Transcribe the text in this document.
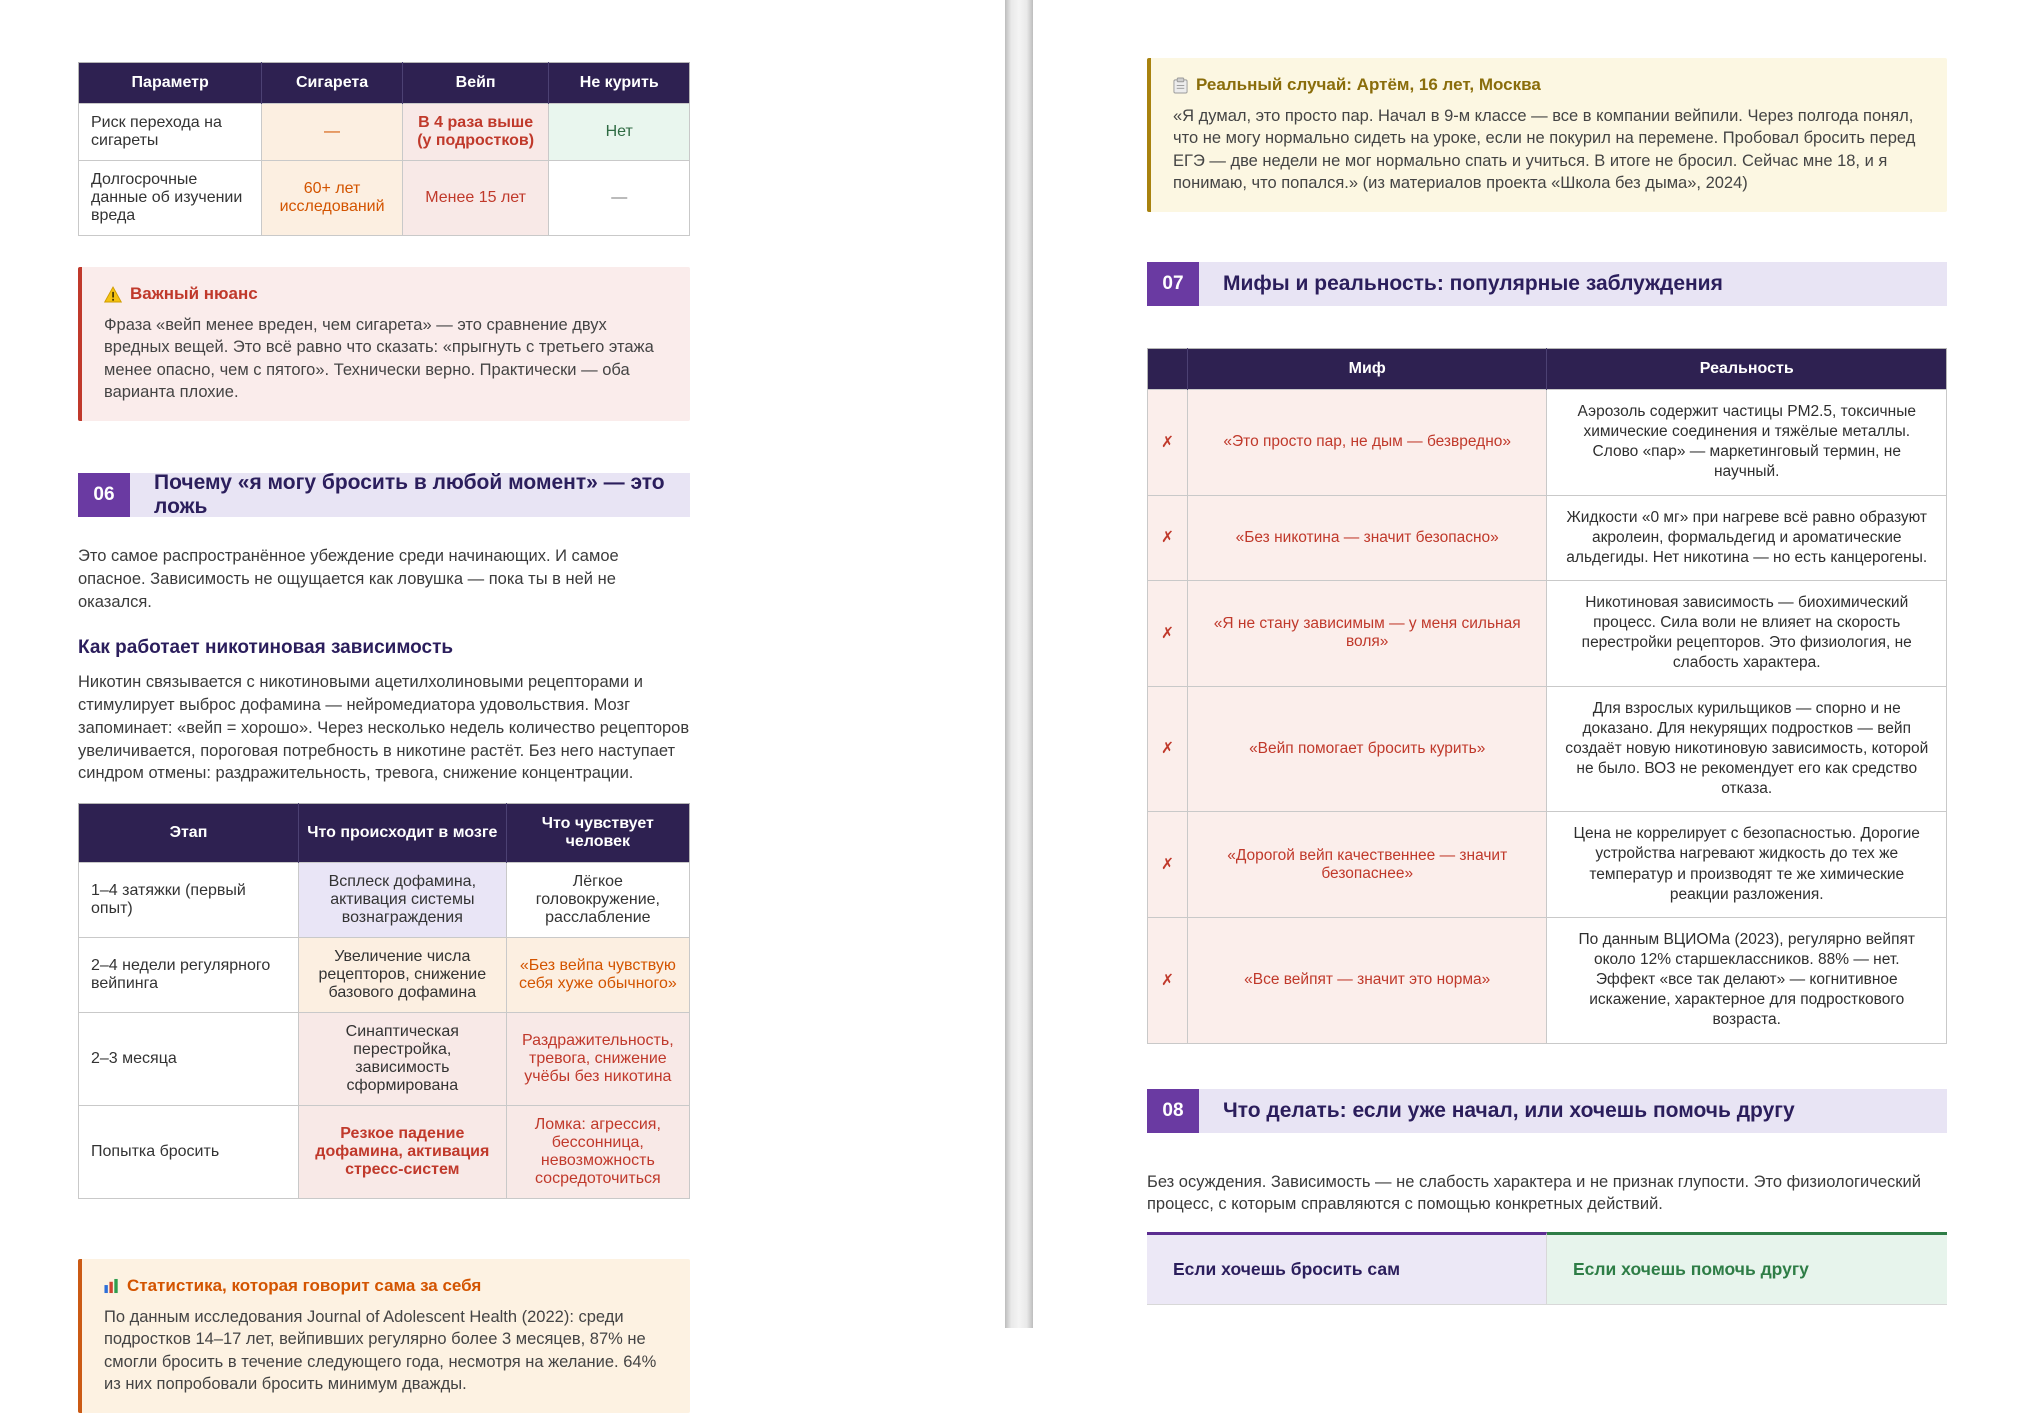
Параметр	Сигарета	Вейп	Не курить
Риск перехода на сигареты	—	В 4 раза выше (у подростков)	Нет
Долгосрочные данные об изучении вреда	60+ лет исследований	Менее 15 лет	—

Важный нюанс

Фраза «вейп менее вреден, чем сигарета» — это сравнение двух вредных вещей. Это всё равно что сказать: «прыгнуть с третьего этажа менее опасно, чем с пятого». Технически верно. Практически — оба варианта плохие.

06
Почему «я могу бросить в любой момент» — это ложь

Это самое распространённое убеждение среди начинающих. И самое опасное. Зависимость не ощущается как ловушка — пока ты в ней не оказался.

Как работает никотиновая зависимость

Никотин связывается с никотиновыми ацетилхолиновыми рецепторами и стимулирует выброс дофамина — нейромедиатора удовольствия. Мозг запоминает: «вейп = хорошо». Через несколько недель количество рецепторов увеличивается, пороговая потребность в никотине растёт. Без него наступает синдром отмены: раздражительность, тревога, снижение концентрации.

Этап	Что происходит в мозге	Что чувствует человек
1–4 затяжки (первый опыт)	Всплеск дофамина, активация системы вознаграждения	Лёгкое головокружение, расслабление
2–4 недели регулярного вейпинга	Увеличение числа рецепторов, снижение базового дофамина	«Без вейпа чувствую себя хуже обычного»
2–3 месяца	Синаптическая перестройка, зависимость сформирована	Раздражительность, тревога, снижение учёбы без никотина
Попытка бросить	Резкое падение дофамина, активация стресс-систем	Ломка: агрессия, бессонница, невозможность сосредоточиться

Статистика, которая говорит сама за себя

По данным исследования Journal of Adolescent Health (2022): среди подростков 14–17 лет, вейпивших регулярно более 3 месяцев, 87% не смогли бросить в течение следующего года, несмотря на желание. 64% из них попробовали бросить минимум дважды.

Реальный случай: Артём, 16 лет, Москва

«Я думал, это просто пар. Начал в 9-м классе — все в компании вейпили. Через полгода понял, что не могу нормально сидеть на уроке, если не покурил на перемене. Пробовал бросить перед ЕГЭ — две недели не мог нормально спать и учиться. В итоге не бросил. Сейчас мне 18, и я понимаю, что попался.» (из материалов проекта «Школа без дыма», 2024)

07	Мифы и реальность: популярные заблуждения
	Миф	Реальность
✗	«Это просто пар, не дым — безвредно»	Аэрозоль содержит частицы PM2.5, токсичные химические соединения и тяжёлые металлы. Слово «пар» — маркетинговый термин, не научный.
✗	«Без никотина — значит безопасно»	Жидкости «0 мг» при нагреве всё равно образуют акролеин, формальдегид и ароматические альдегиды. Нет никотина — но есть канцерогены.
✗	«Я не стану зависимым — у меня сильная воля»	Никотиновая зависимость — биохимический процесс. Сила воли не влияет на скорость перестройки рецепторов. Это физиология, не слабость характера.
✗	«Вейп помогает бросить курить»	Для взрослых курильщиков — спорно и не доказано. Для некурящих подростков — вейп создаёт новую никотиновую зависимость, которой не было. ВОЗ не рекомендует его как средство отказа.
✗	«Дорогой вейп качественнее — значит безопаснее»	Цена не коррелирует с безопасностью. Дорогие устройства нагревают жидкость до тех же температур и производят те же химические реакции разложения.
✗	«Все вейпят — значит это норма»	По данным ВЦИОМа (2023), регулярно вейпят около 12% старшеклассников. 88% — нет. Эффект «все так делают» — когнитивное искажение, характерное для подросткового возраста.
08	Что делать: если уже начал, или хочешь помочь другу

Без осуждения. Зависимость — не слабость характера и не признак глупости. Это физиологический процесс, с которым справляются с помощью конкретных действий.

Если хочешь бросить сам	Если хочешь помочь другу
